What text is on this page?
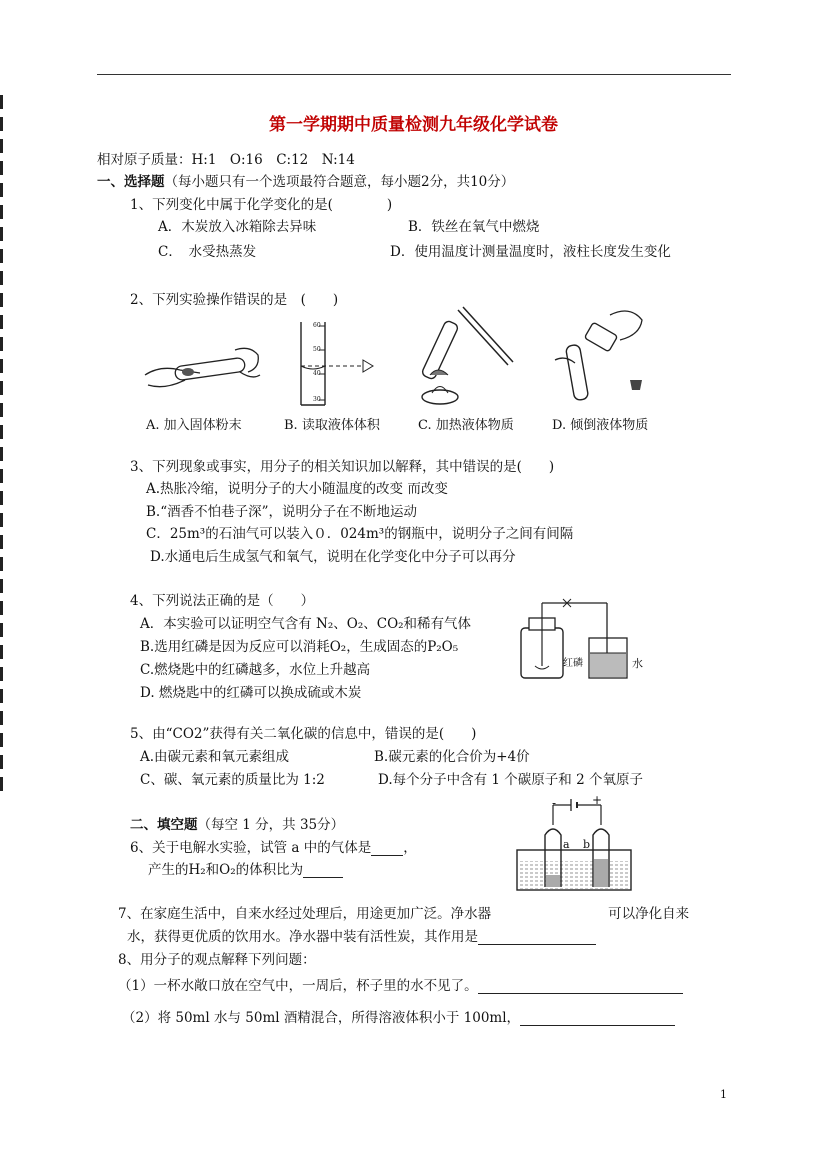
第一学期期中质量检测九年级化学试卷
相对原子质量：H:1　O:16　C:12　N:14
一、选择题（每小题只有一个选项最符合题意，每小题2分，共10分）
1、下列变化中属于化学变化的是(　　　　)
A．木炭放入冰箱除去异味	B．铁丝在氧气中燃烧
C．　水受热蒸发	D．使用温度计测量温度时，液柱长度发生变化
2、下列实验操作错误的是　(　　)
A. 加入固体粉末
60
50
40
30
B. 读取液体体积	C. 加热液体物质	D. 倾倒液体物质
3、下列现象或事实，用分子的相关知识加以解释，其中错误的是(　　)
A.热胀冷缩，说明分子的大小随温度的改变 而改变
B.“酒香不怕巷子深”，说明分子在不断地运动
C．25m³的石油气可以装入０．024m³的钢瓶中，说明分子之间有间隔
D.水通电后生成氢气和氧气，说明在化学变化中分子可以再分
4、下列说法正确的是（　　）
A．本实验可以证明空气含有 N₂、O₂、CO₂和稀有气体
B.选用红磷是因为反应可以消耗O₂，生成固态的P₂O₅
C.燃烧匙中的红磷越多，水位上升越高
D. 燃烧匙中的红磷可以换成硫或木炭
红磷	水
5、由“CO2”获得有关二氧化碳的信息中，错误的是(　　)
A.由碳元素和氧元素组成	B.碳元素的化合价为+4价
C、碳、氧元素的质量比为 1:2	D.每个分子中含有 1 个碳原子和 2 个氧原子
二、填空题（每空 1 分，共 35分）
6、关于电解水实验，试管 a 中的气体是 ，
产生的H₂和O₂的体积比为
-	+
a b
7、在家庭生活中，自来水经过处理后，用途更加广泛。净水器	可以净化自来
水，获得更优质的饮用水。净水器中装有活性炭，其作用是
8、用分子的观点解释下列问题：
（1）一杯水敞口放在空气中，一周后，杯子里的水不见了。
（2）将 50ml 水与 50ml 酒精混合，所得溶液体积小于 100ml，
1
